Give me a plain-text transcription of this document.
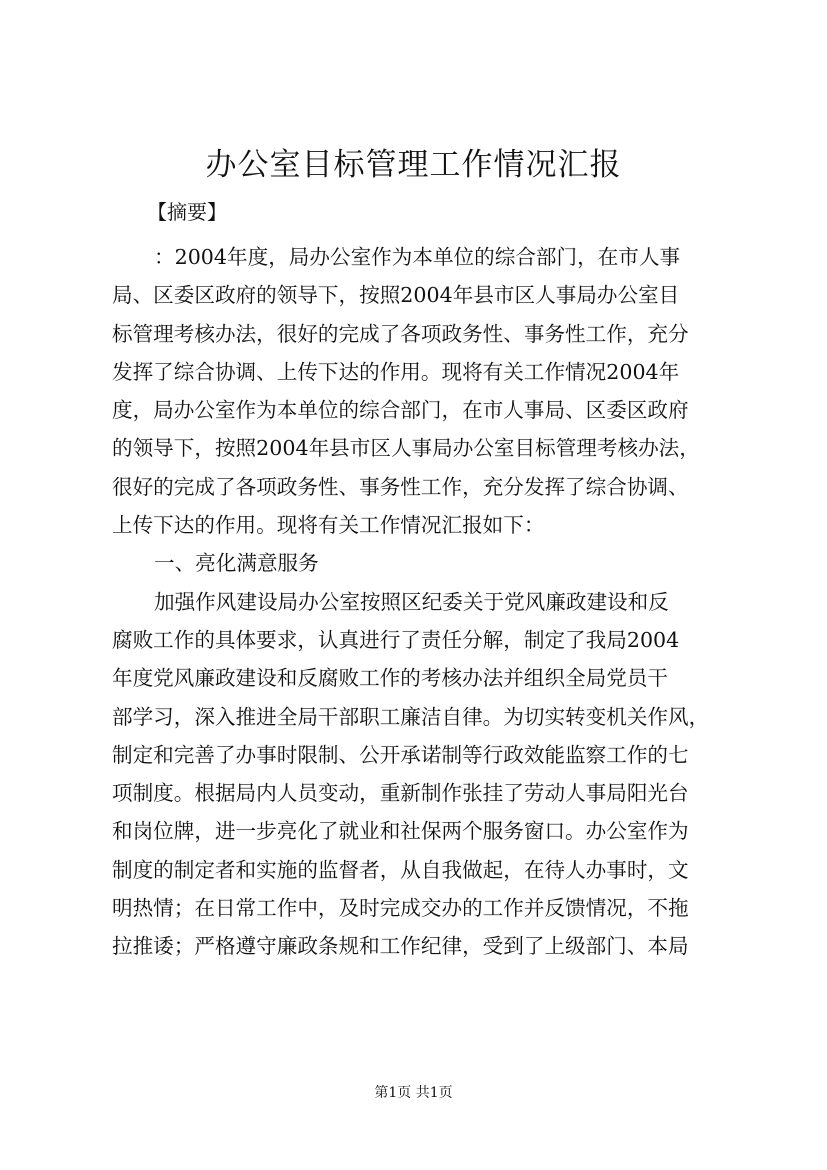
办公室目标管理工作情况汇报

【摘要】

：2004年度，局办公室作为本单位的综合部门，在市人事
局、区委区政府的领导下，按照2004年县市区人事局办公室目
标管理考核办法，很好的完成了各项政务性、事务性工作，充分
发挥了综合协调、上传下达的作用。现将有关工作情况2004年
度，局办公室作为本单位的综合部门，在市人事局、区委区政府
的领导下，按照2004年县市区人事局办公室目标管理考核办法，
很好的完成了各项政务性、事务性工作，充分发挥了综合协调、
上传下达的作用。现将有关工作情况汇报如下：
一、亮化满意服务
加强作风建设局办公室按照区纪委关于党风廉政建设和反
腐败工作的具体要求，认真进行了责任分解，制定了我局2004
年度党风廉政建设和反腐败工作的考核办法并组织全局党员干
部学习，深入推进全局干部职工廉洁自律。为切实转变机关作风，
制定和完善了办事时限制、公开承诺制等行政效能监察工作的七
项制度。根据局内人员变动，重新制作张挂了劳动人事局阳光台
和岗位牌，进一步亮化了就业和社保两个服务窗口。办公室作为
制度的制定者和实施的监督者，从自我做起，在待人办事时，文
明热情；在日常工作中，及时完成交办的工作并反馈情况，不拖
拉推诿；严格遵守廉政条规和工作纪律，受到了上级部门、本局
第1页 共1页
